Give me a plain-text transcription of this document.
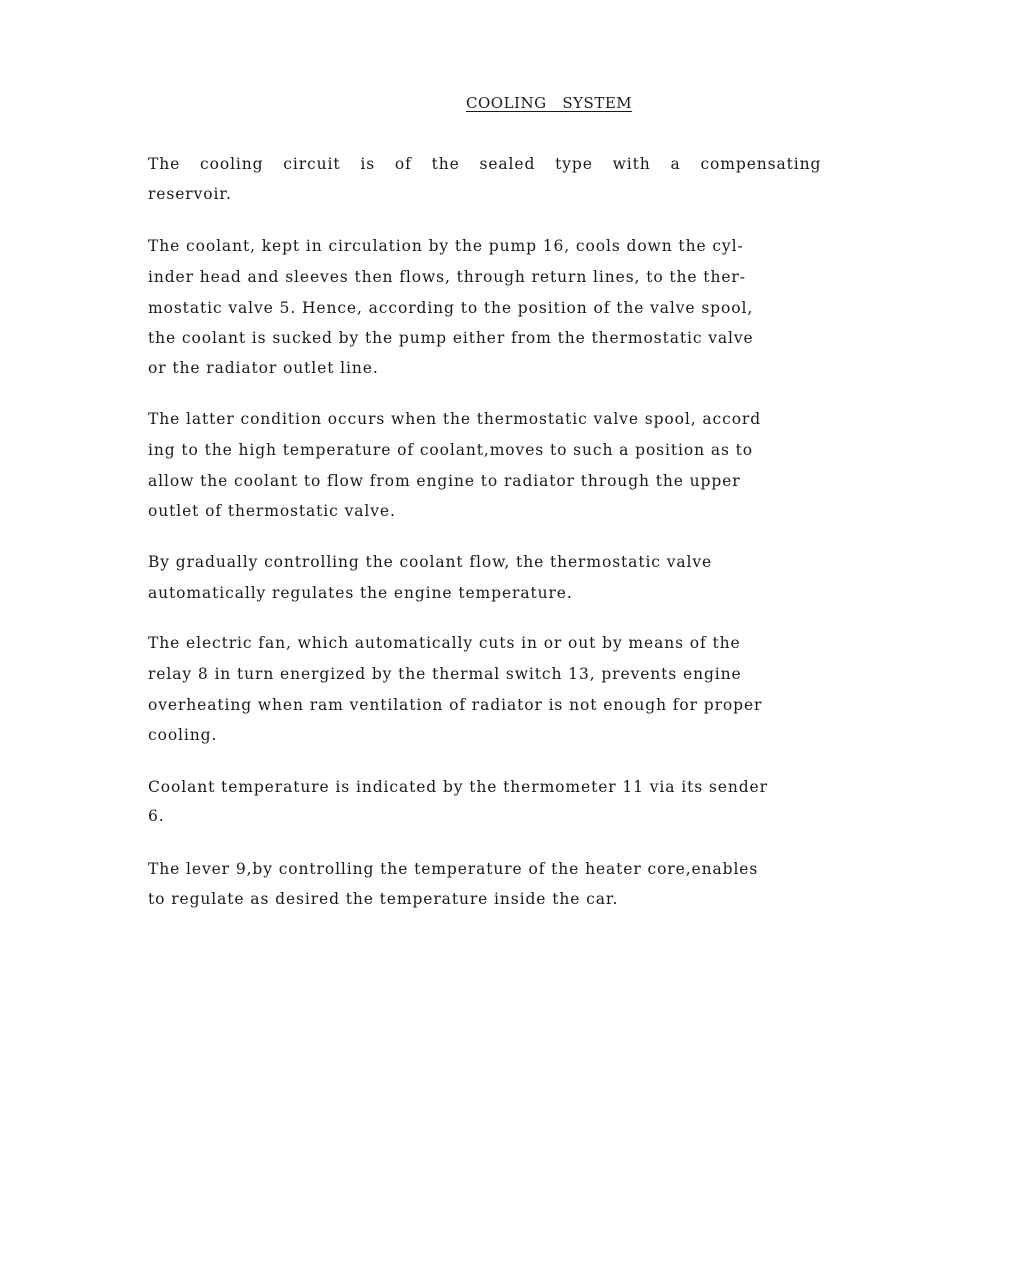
COOLING   SYSTEM
The cooling circuit is of the sealed type with a compensating
reservoir.
The coolant, kept in circulation by the pump 16, cools down the cyl-
inder head and sleeves then flows, through return lines, to the ther-
mostatic valve 5. Hence, according to the position of the valve spool,
the coolant is sucked by the pump either from the thermostatic valve
or the radiator outlet line.
The latter condition occurs when the thermostatic valve spool, accord
ing to the high temperature of coolant,moves to such a position as to
allow the coolant to flow from engine to radiator through the upper
outlet of thermostatic valve.
By gradually controlling the coolant flow, the thermostatic valve
automatically regulates the engine temperature.
The electric fan, which automatically cuts in or out by means of the
relay 8 in turn energized by the thermal switch 13, prevents engine
overheating when ram ventilation of radiator is not enough for proper
cooling.
Coolant temperature is indicated by the thermometer 11 via its sender
6.
The lever 9,by controlling the temperature of the heater core,enables
to regulate as desired the temperature inside the car.
